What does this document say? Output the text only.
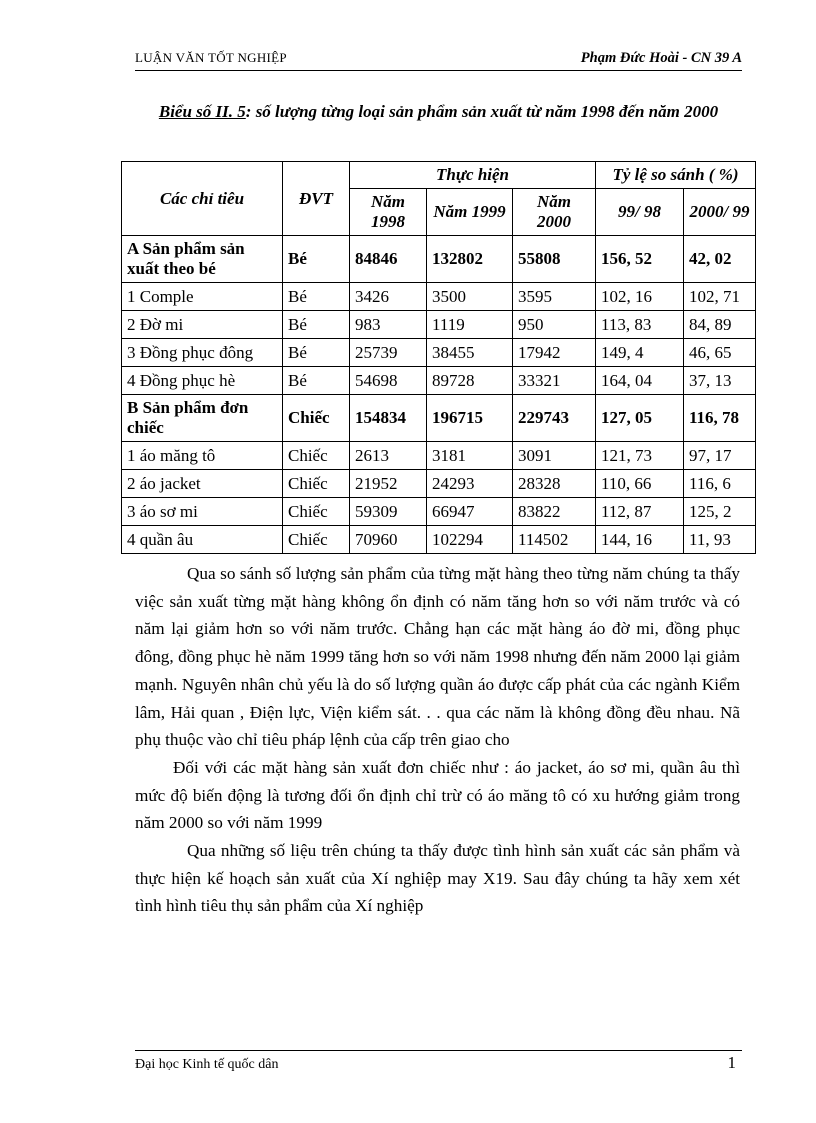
LUẬN VĂN TỐT NGHIỆP	Phạm Đức Hoài - CN 39 A
Biểu số II. 5: số lượng từng loại sản phẩm sản xuất từ năm 1998 đến năm 2000
Các chỉ tiêu	ĐVT	Thực hiện			Tỷ lệ so sánh ( %)	
		Năm 1998	Năm 1999	Năm 2000	99/ 98	2000/ 99
A Sản phẩm sản xuất theo bé	Bé	84846	132802	55808	156, 52	42, 02
1 Comple	Bé	3426	3500	3595	102, 16	102, 71
2 Đờ mi	Bé	983	1119	950	113, 83	84, 89
3 Đồng phục đông	Bé	25739	38455	17942	149, 4	46, 65
4 Đồng phục hè	Bé	54698	89728	33321	164, 04	37, 13
B Sản phẩm đơn chiếc	Chiếc	154834	196715	229743	127, 05	116, 78
1 áo măng tô	Chiếc	2613	3181	3091	121, 73	97, 17
2 áo jacket	Chiếc	21952	24293	28328	110, 66	116, 6
3 áo sơ mi	Chiếc	59309	66947	83822	112, 87	125, 2
4 quần âu	Chiếc	70960	102294	114502	144, 16	11, 93

Qua so sánh số lượng sản phẩm của từng mặt hàng theo từng năm chúng ta thấy việc sản xuất từng mặt hàng không ổn định có năm tăng hơn so với năm trước và có năm lại giảm hơn so với năm trước. Chẳng hạn các mặt hàng áo đờ mi, đồng phục đông, đồng phục hè năm 1999 tăng hơn so với năm 1998 nhưng đến năm 2000 lại giảm mạnh. Nguyên nhân chủ yếu là do số lượng quần áo được cấp phát của các ngành Kiểm lâm, Hải quan , Điện lực, Viện kiểm sát. . . qua các năm là không đồng đều nhau. Nã phụ thuộc vào chỉ tiêu pháp lệnh của cấp trên giao cho

Đối với các mặt hàng sản xuất đơn chiếc như : áo jacket, áo sơ mi, quần âu thì mức độ biến động là tương đối ổn định chỉ trừ có áo măng tô có xu hướng giảm trong năm 2000 so với năm 1999

Qua những số liệu trên chúng ta thấy được tình hình sản xuất các sản phẩm và thực hiện kế hoạch sản xuất của Xí nghiệp may X19. Sau đây chúng ta hãy xem xét tình hình tiêu thụ sản phẩm của Xí nghiệp

Đại học Kinh tế quốc dân	1
